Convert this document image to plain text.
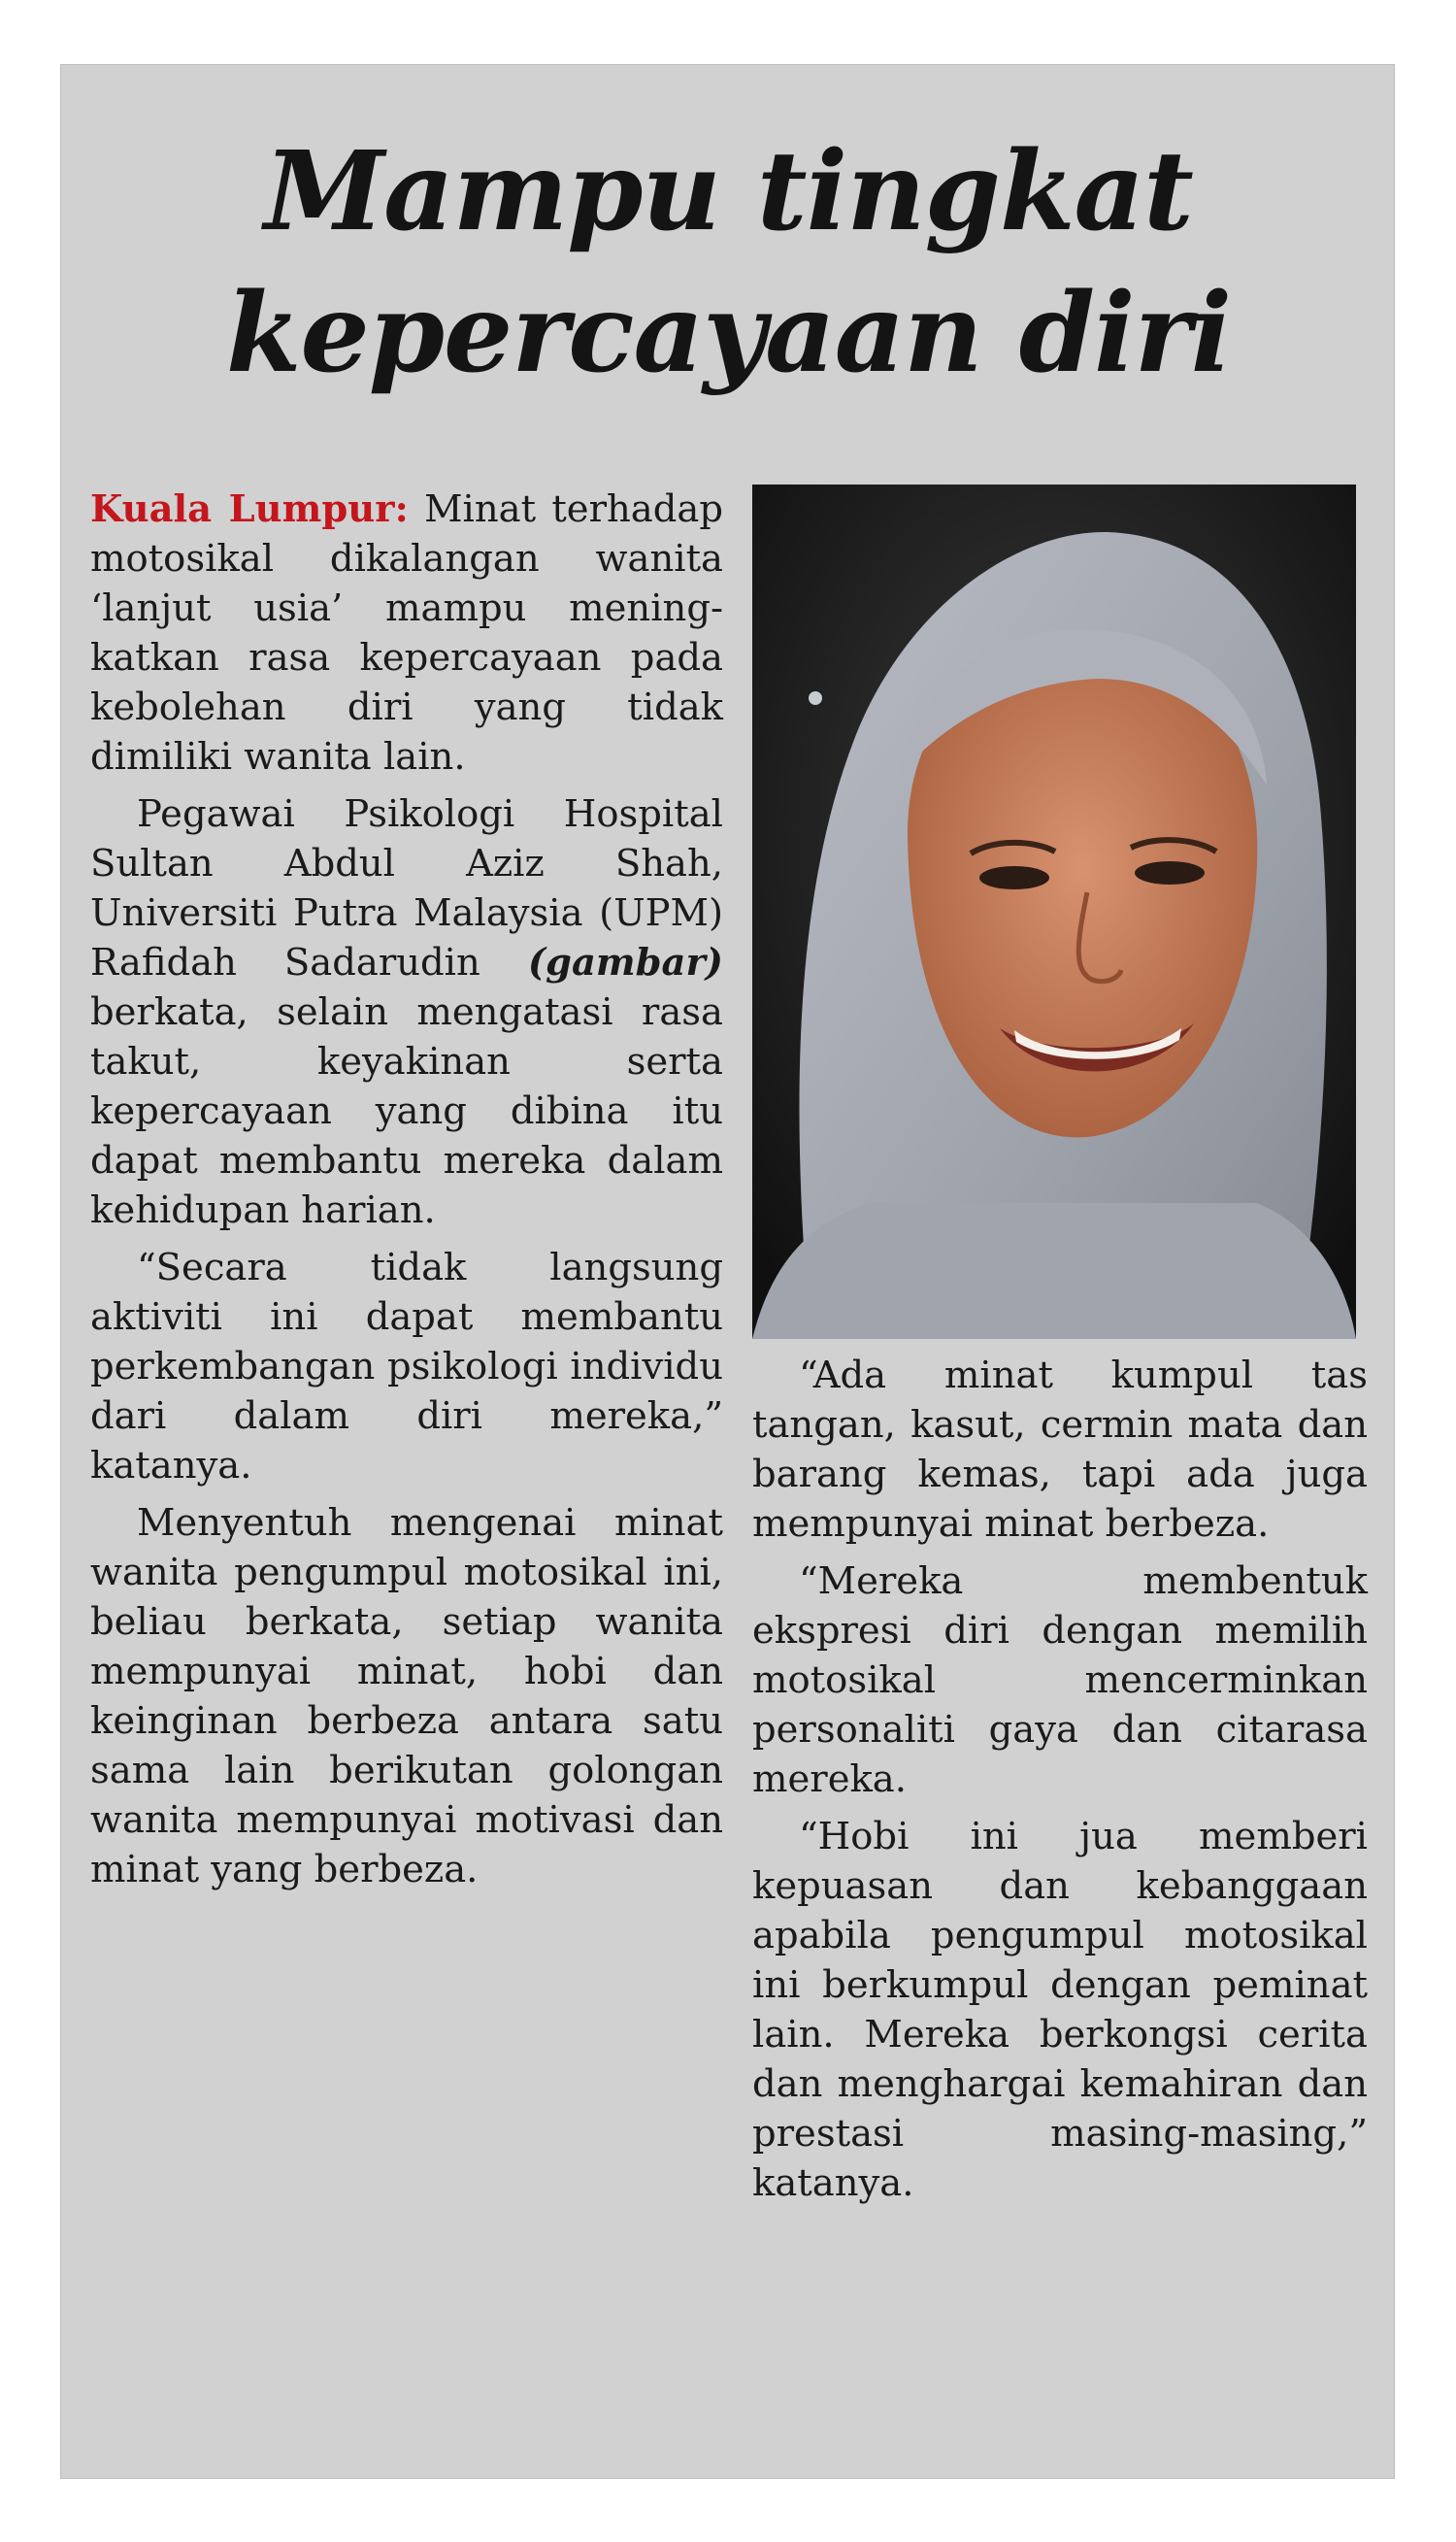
Mampu tingkat
kepercayaan diri

Kuala Lumpur: Minat terhadap motosikal dikalangan wanita ‘lanjut usia’ mampu meningkatkan rasa kepercayaan pada kebolehan diri yang tidak dimiliki wanita lain.

Pegawai Psikologi Hospital Sultan Abdul Aziz Shah, Universiti Putra Malaysia (UPM) Rafidah Sadarudin (gambar) berkata, selain mengatasi rasa takut, keyakinan serta kepercayaan yang dibina itu dapat membantu mereka dalam kehidupan harian.

“Secara tidak langsung aktiviti ini dapat membantu perkembangan psikologi individu dari dalam diri mereka,” katanya.

Menyentuh mengenai minat wanita pengumpul motosikal ini, beliau berkata, setiap wanita mempunyai minat, hobi dan keinginan berbeza antara satu sama lain berikutan golongan wanita mempunyai motivasi dan minat yang berbeza.

“Ada minat kumpul tas tangan, kasut, cermin mata dan barang kemas, tapi ada juga mempunyai minat berbeza.

“Mereka membentuk ekspresi diri dengan memilih motosikal mencerminkan personaliti gaya dan citarasa mereka.

“Hobi ini jua memberi kepuasan dan kebanggaan apabila pengumpul motosikal ini berkumpul dengan peminat lain. Mereka berkongsi cerita dan menghargai kemahiran dan prestasi masing-masing,” katanya.
